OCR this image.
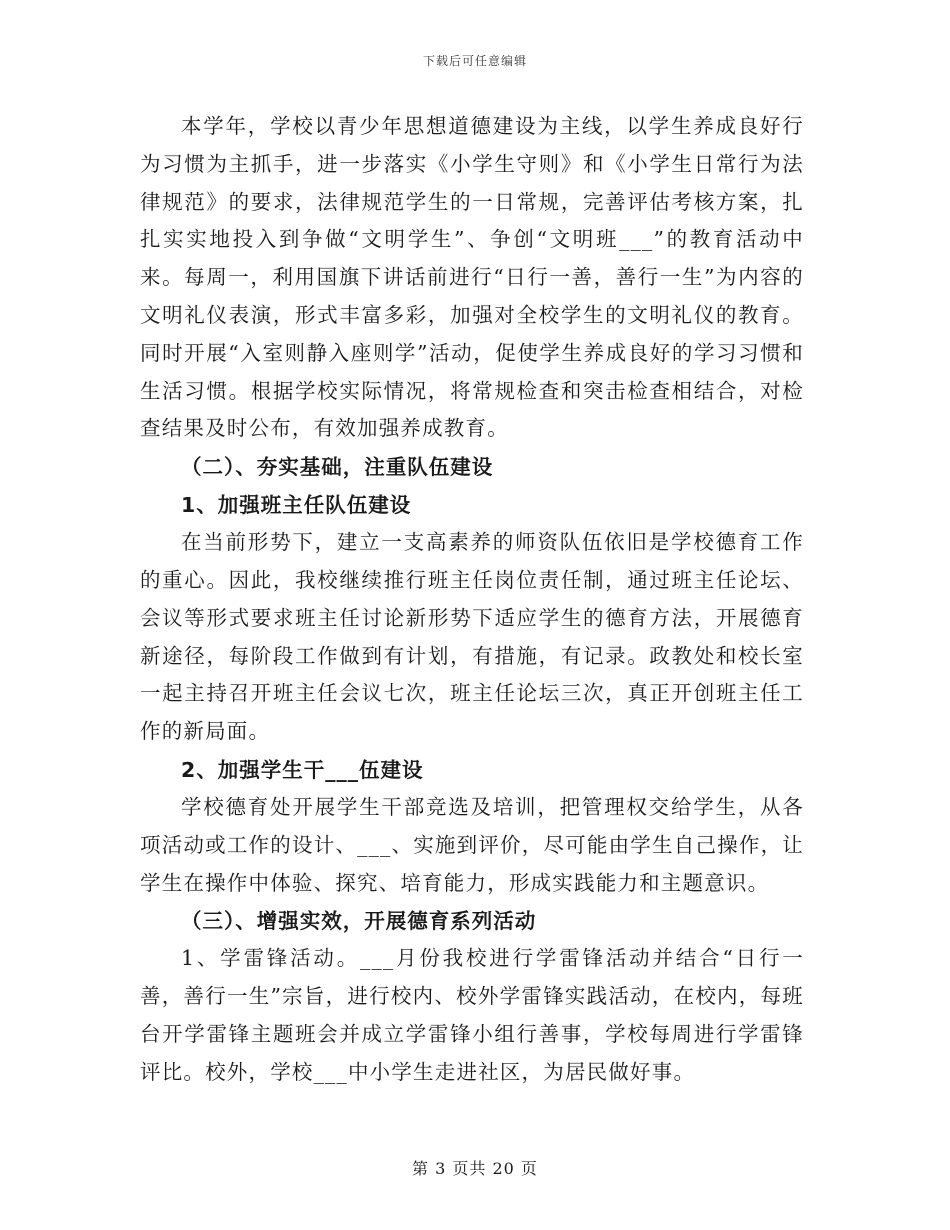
下载后可任意编辑

本学年，学校以青少年思想道德建设为主线，以学生养成良好行为习惯为主抓手，进一步落实《小学生守则》和《小学生日常行为法律规范》的要求，法律规范学生的一日常规，完善评估考核方案，扎扎实实地投入到争做“文明学生”、争创“文明班___”的教育活动中来。每周一，利用国旗下讲话前进行“日行一善，善行一生”为内容的文明礼仪表演，形式丰富多彩，加强对全校学生的文明礼仪的教育。同时开展“入室则静入座则学”活动，促使学生养成良好的学习习惯和生活习惯。根据学校实际情况，将常规检查和突击检查相结合，对检查结果及时公布，有效加强养成教育。

（二）、夯实基础，注重队伍建设

1、加强班主任队伍建设

在当前形势下，建立一支高素养的师资队伍依旧是学校德育工作的重心。因此，我校继续推行班主任岗位责任制，通过班主任论坛、会议等形式要求班主任讨论新形势下适应学生的德育方法，开展德育新途径，每阶段工作做到有计划，有措施，有记录。政教处和校长室一起主持召开班主任会议七次，班主任论坛三次，真正开创班主任工作的新局面。

2、加强学生干___伍建设

学校德育处开展学生干部竞选及培训，把管理权交给学生，从各项活动或工作的设计、___、实施到评价，尽可能由学生自己操作，让学生在操作中体验、探究、培育能力，形成实践能力和主题意识。

（三）、增强实效，开展德育系列活动

1、学雷锋活动。___月份我校进行学雷锋活动并结合“日行一善，善行一生”宗旨，进行校内、校外学雷锋实践活动，在校内，每班台开学雷锋主题班会并成立学雷锋小组行善事，学校每周进行学雷锋评比。校外，学校___中小学生走进社区，为居民做好事。

第 3 页共 20 页
